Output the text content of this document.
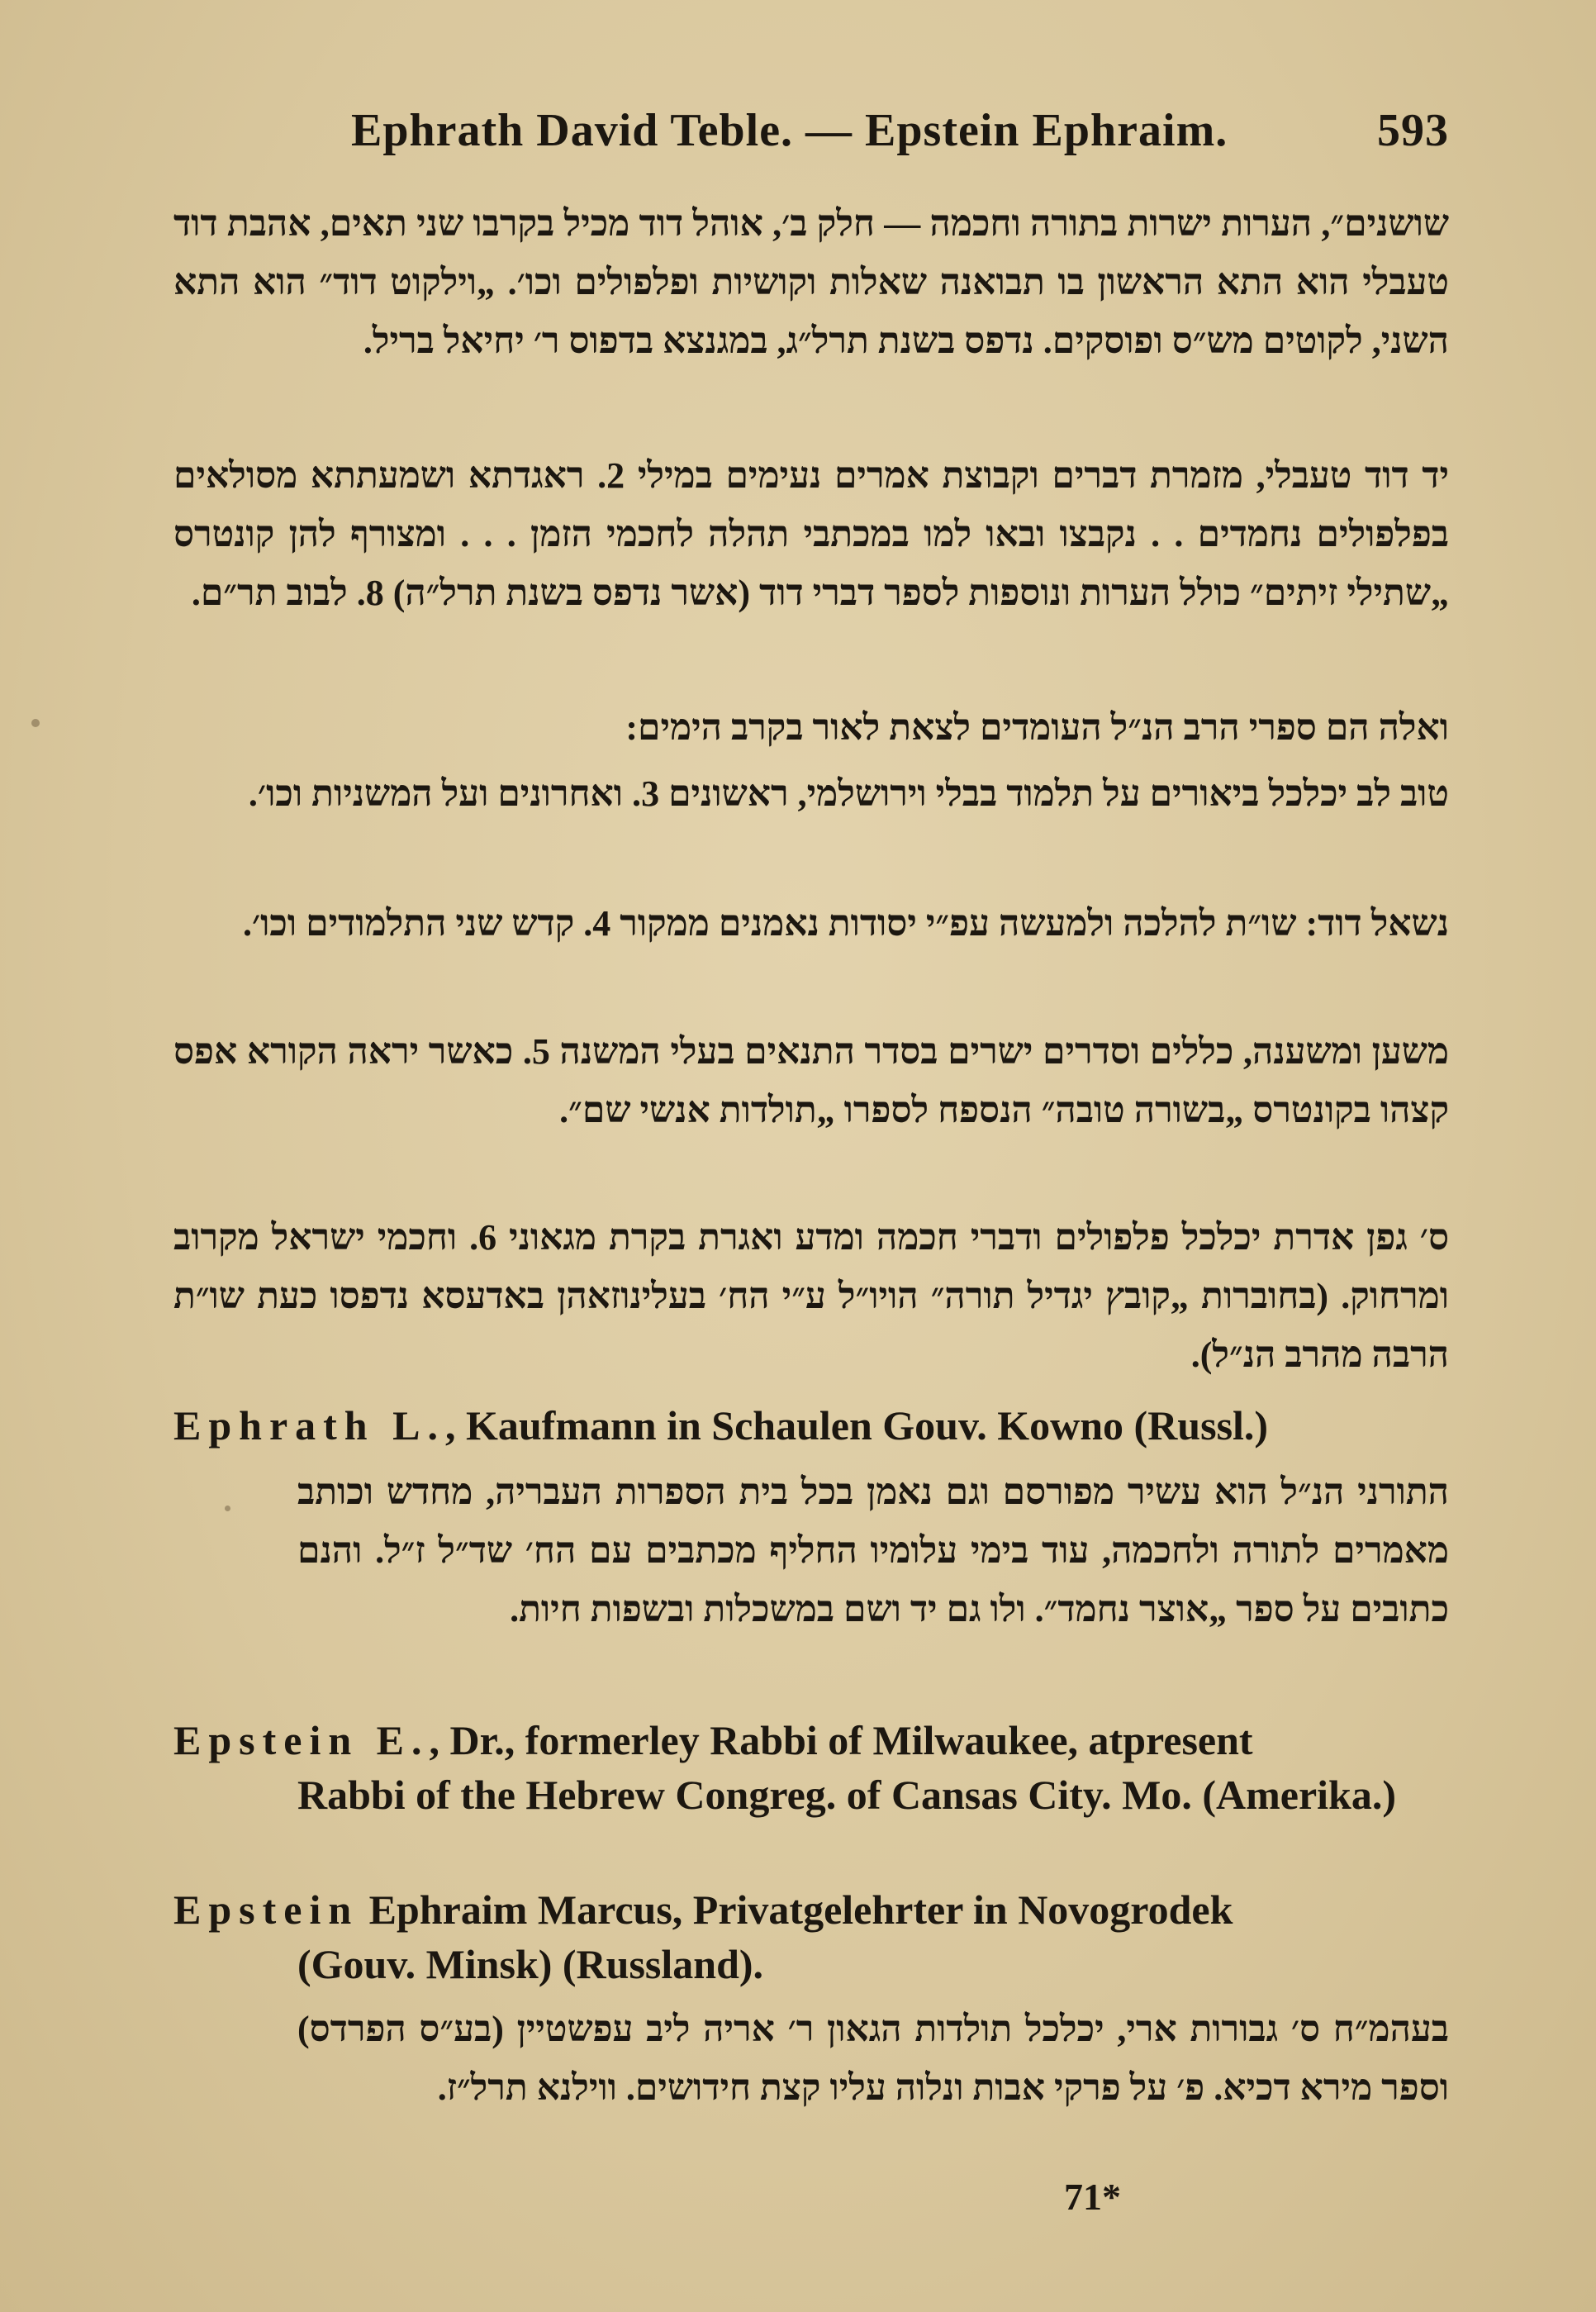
Ephrath David Teble. — Epstein Ephraim.	593
שושנים״, הערות ישרות בתורה וחכמה — חלק ב׳, אוהל דוד מכיל בקרבו שני תאים, אהבת דוד טעבלי הוא התא הראשון בו תבואנה שאלות וקושיות ופלפולים וכו׳. „וילקוט דוד״ הוא התא השני, לקוטים מש״ס ופוסקים. נדפס בשנת תרל״ג, במגנצא בדפוס ר׳ יחיאל בריל.
יד דוד טעבלי, מזמרת דברים וקבוצת אמרים נעימים במילי 2. ראגדתא ושמעתתא מסולאים בפלפולים נחמדים . . נקבצו ובאו למו במכתבי תהלה לחכמי הזמן . . . ומצורף להן קונטרס „שתילי זיתים״ כולל הערות ונוספות לספר דברי דוד (אשר נדפס בשנת תרל״ה) 8. לבוב תר״ם.
ואלה הם ספרי הרב הנ״ל העומדים לצאת לאור בקרב הימים:
טוב לב יכלכל ביאורים על תלמוד בבלי וירושלמי, ראשונים 3. ואחרונים ועל המשניות וכו׳.
נשאל דוד: שו״ת להלכה ולמעשה עפ״י יסודות נאמנים ממקור 4. קדש שני התלמודים וכו׳.
משען ומשענה, כללים וסדרים ישרים בסדר התנאים בעלי המשנה 5. כאשר יראה הקורא אפס קצהו בקונטרס „בשורה טובה״ הנספח לספרו „תולדות אנשי שם״.
ס׳ גפן אדרת יכלכל פלפולים ודברי חכמה ומדע ואגרת בקרת מגאוני 6. וחכמי ישראל מקרוב ומרחוק. (בחוברות „קובץ יגדיל תורה״ הויו״ל ע״י הח׳ בעלינוזאהן באדעסא נדפסו כעת שו״ת הרבה מהרב הנ״ל).
Ephrath L., Kaufmann in Schaulen Gouv. Kowno (Russl.)
התורני הנ״ל הוא עשיר מפורסם וגם נאמן בכל בית הספרות העבריה, מחדש וכותב מאמרים לתורה ולחכמה, עוד בימי עלומיו החליף מכתבים עם הח׳ שד״ל ז״ל. והנם כתובים על ספר „אוצר נחמד״. ולו גם יד ושם במשכלות ובשפות חיות.
Epstein E., Dr., formerley Rabbi of Milwaukee, atpresent
Rabbi of the Hebrew Congreg. of Cansas City. Mo. (Amerika.)
Epstein Ephraim Marcus, Privatgelehrter in Novogrodek
(Gouv. Minsk) (Russland).
בעהמ״ח ס׳ גבורות ארי, יכלכל תולדות הגאון ר׳ אריה ליב עפשטיין (בע״ס הפרדס) וספר מירא דכיא. פ׳ על פרקי אבות ונלוה עליו קצת חידושים. ווילנא תרל״ז.
71*
